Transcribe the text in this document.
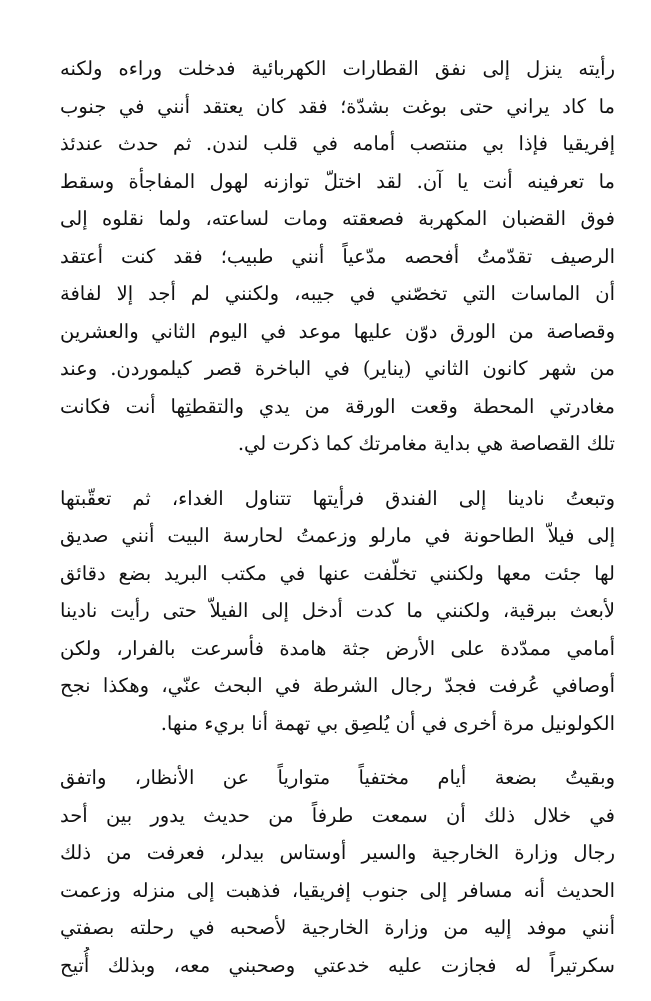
رأيته ينزل إلى نفق القطارات الكهربائية فدخلت وراءه ولكنه
ما كاد يراني حتى بوغت بشدّة؛ فقد كان يعتقد أنني في جنوب
إفريقيا فإذا بي منتصب أمامه في قلب لندن. ثم حدث عندئذ
ما تعرفينه أنت يا آن. لقد اختلّ توازنه لهول المفاجأة وسقط
فوق القضبان المكهربة فصعقته ومات لساعته، ولما نقلوه إلى
الرصيف تقدّمتُ أفحصه مدّعياً أنني طبيب؛ فقد كنت أعتقد
أن الماسات التي تخصّني في جيبه، ولكنني لم أجد إلا لفافة
وقصاصة من الورق دوّن عليها موعد في اليوم الثاني والعشرين
من شهر كانون الثاني (يناير) في الباخرة قصر كيلموردن. وعند
مغادرتي المحطة وقعت الورقة من يدي والتقطتِها أنت فكانت
تلك القصاصة هي بداية مغامرتك كما ذكرت لي.
وتبعتُ نادينا إلى الفندق فرأيتها تتناول الغداء، ثم تعقّبتها
إلى فيلاّ الطاحونة في مارلو وزعمتُ لحارسة البيت أنني صديق
لها جئت معها ولكنني تخلّفت عنها في مكتب البريد بضع دقائق
لأبعث ببرقية، ولكنني ما كدت أدخل إلى الفيلاّ حتى رأيت نادينا
أمامي ممدّدة على الأرض جثة هامدة فأسرعت بالفرار، ولكن
أوصافي عُرفت فجدّ رجال الشرطة في البحث عنّي، وهكذا نجح
الكولونيل مرة أخرى في أن يُلصِق بي تهمة أنا بريء منها.
وبقيتُ بضعة أيام مختفياً متوارياً عن الأنظار، واتفق
في خلال ذلك أن سمعت طرفاً من حديث يدور بين أحد
رجال وزارة الخارجية والسير أوستاس بيدلر، فعرفت من ذلك
الحديث أنه مسافر إلى جنوب إفريقيا، فذهبت إلى منزله وزعمت
أنني موفد إليه من وزارة الخارجية لأصحبه في رحلته بصفتي
سكرتيراً له فجازت عليه خدعتي وصحبني معه، وبذلك أُتيح
